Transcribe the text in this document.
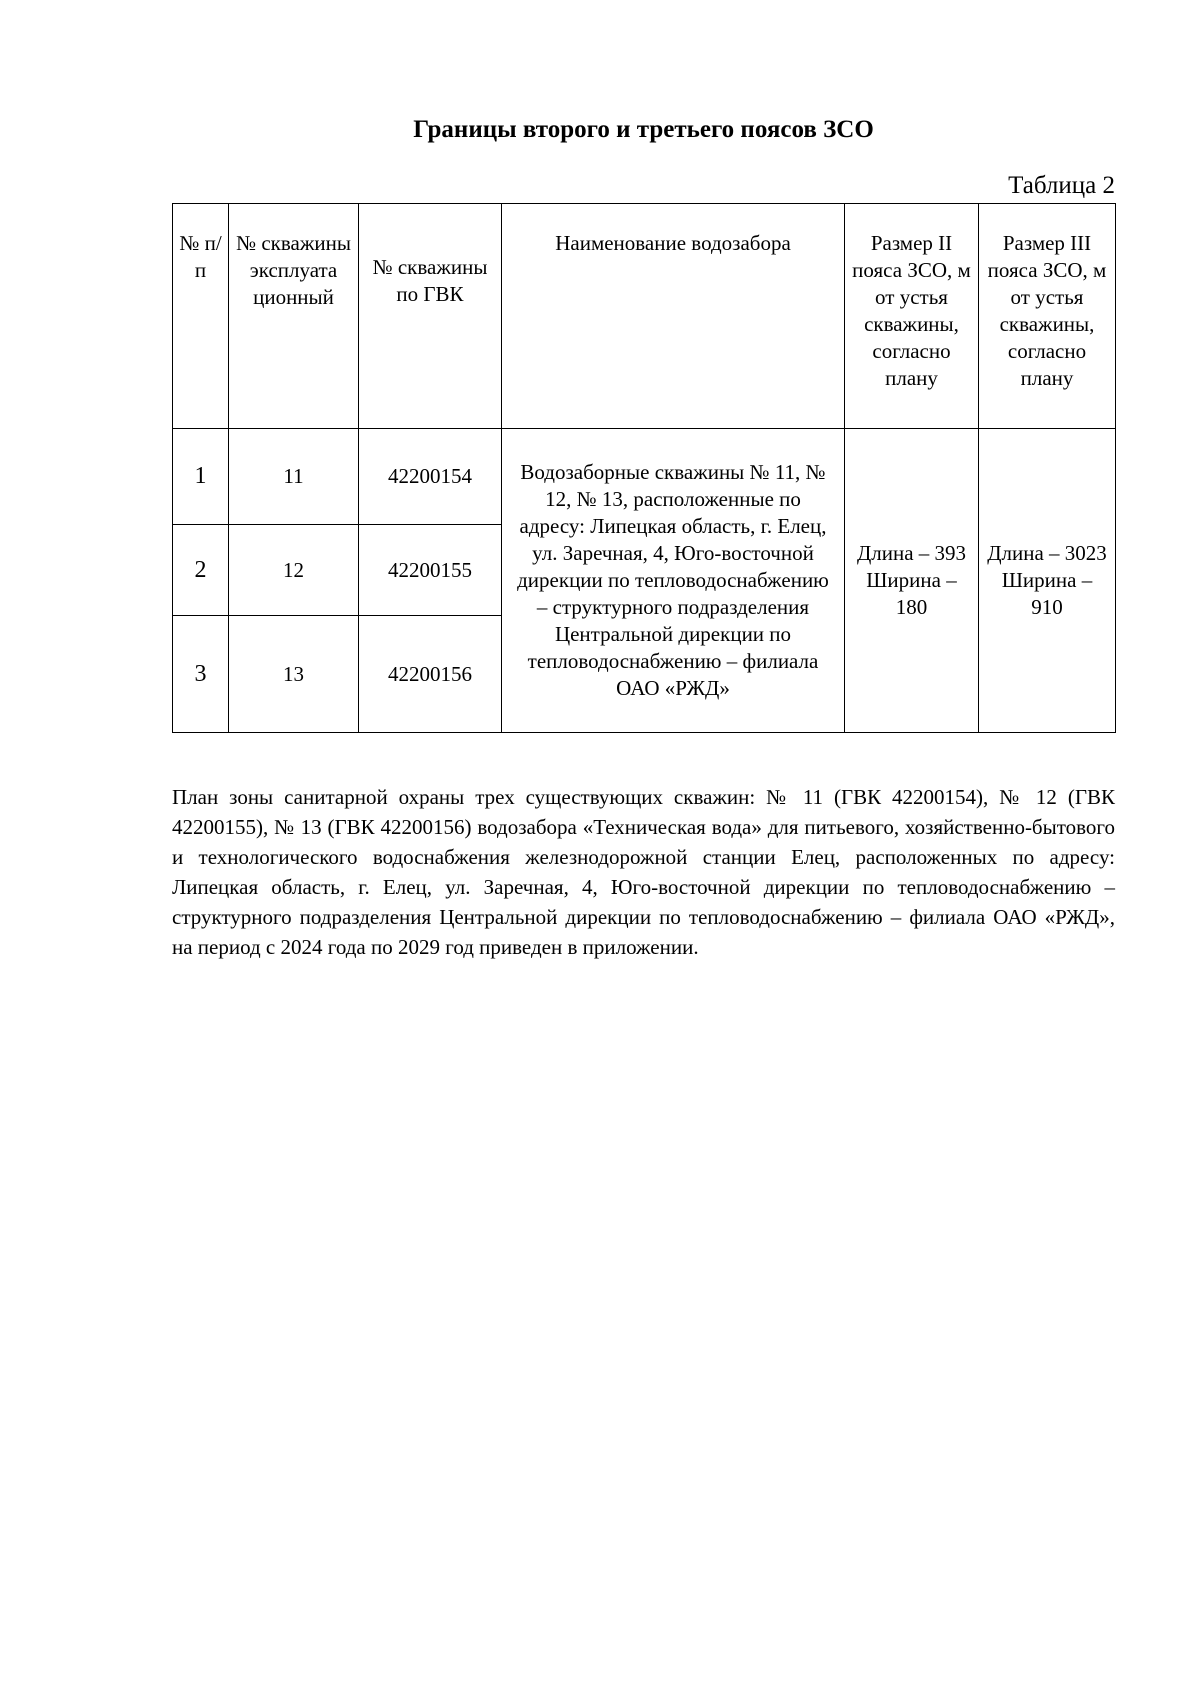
Границы второго и третьего поясов ЗСО
Таблица 2
№ п/п	№ скважины эксплуата ционный	№ скважины по ГВК	Наименование водозабора	Размер II пояса ЗСО, м от устья скважины, согласно плану	Размер III пояса ЗСО, м от устья скважины, согласно плану
1	11	42200154	Водозаборные скважины № 11, № 12, № 13, расположенные по адресу: Липецкая область, г. Елец, ул. Заречная, 4, Юго-восточной дирекции по тепловодоснабжению – структурного подразделения Центральной дирекции по тепловодоснабжению – филиала ОАО «РЖД»	Длина – 393 Ширина – 180	Длина – 3023 Ширина – 910
2	12	42200155			
3	13	42200156			
План зоны санитарной охраны трех существующих скважин: № 11 (ГВК 42200154), № 12 (ГВК 42200155), № 13 (ГВК 42200156) водозабора «Техническая вода» для питьевого, хозяйственно-бытового и технологического водоснабжения железнодорожной станции Елец, расположенных по адресу: Липецкая область, г. Елец, ул. Заречная, 4, Юго-восточной дирекции по тепловодоснабжению – структурного подразделения Центральной дирекции по тепловодоснабжению – филиала ОАО «РЖД», на период с 2024 года по 2029 год приведен в приложении.
